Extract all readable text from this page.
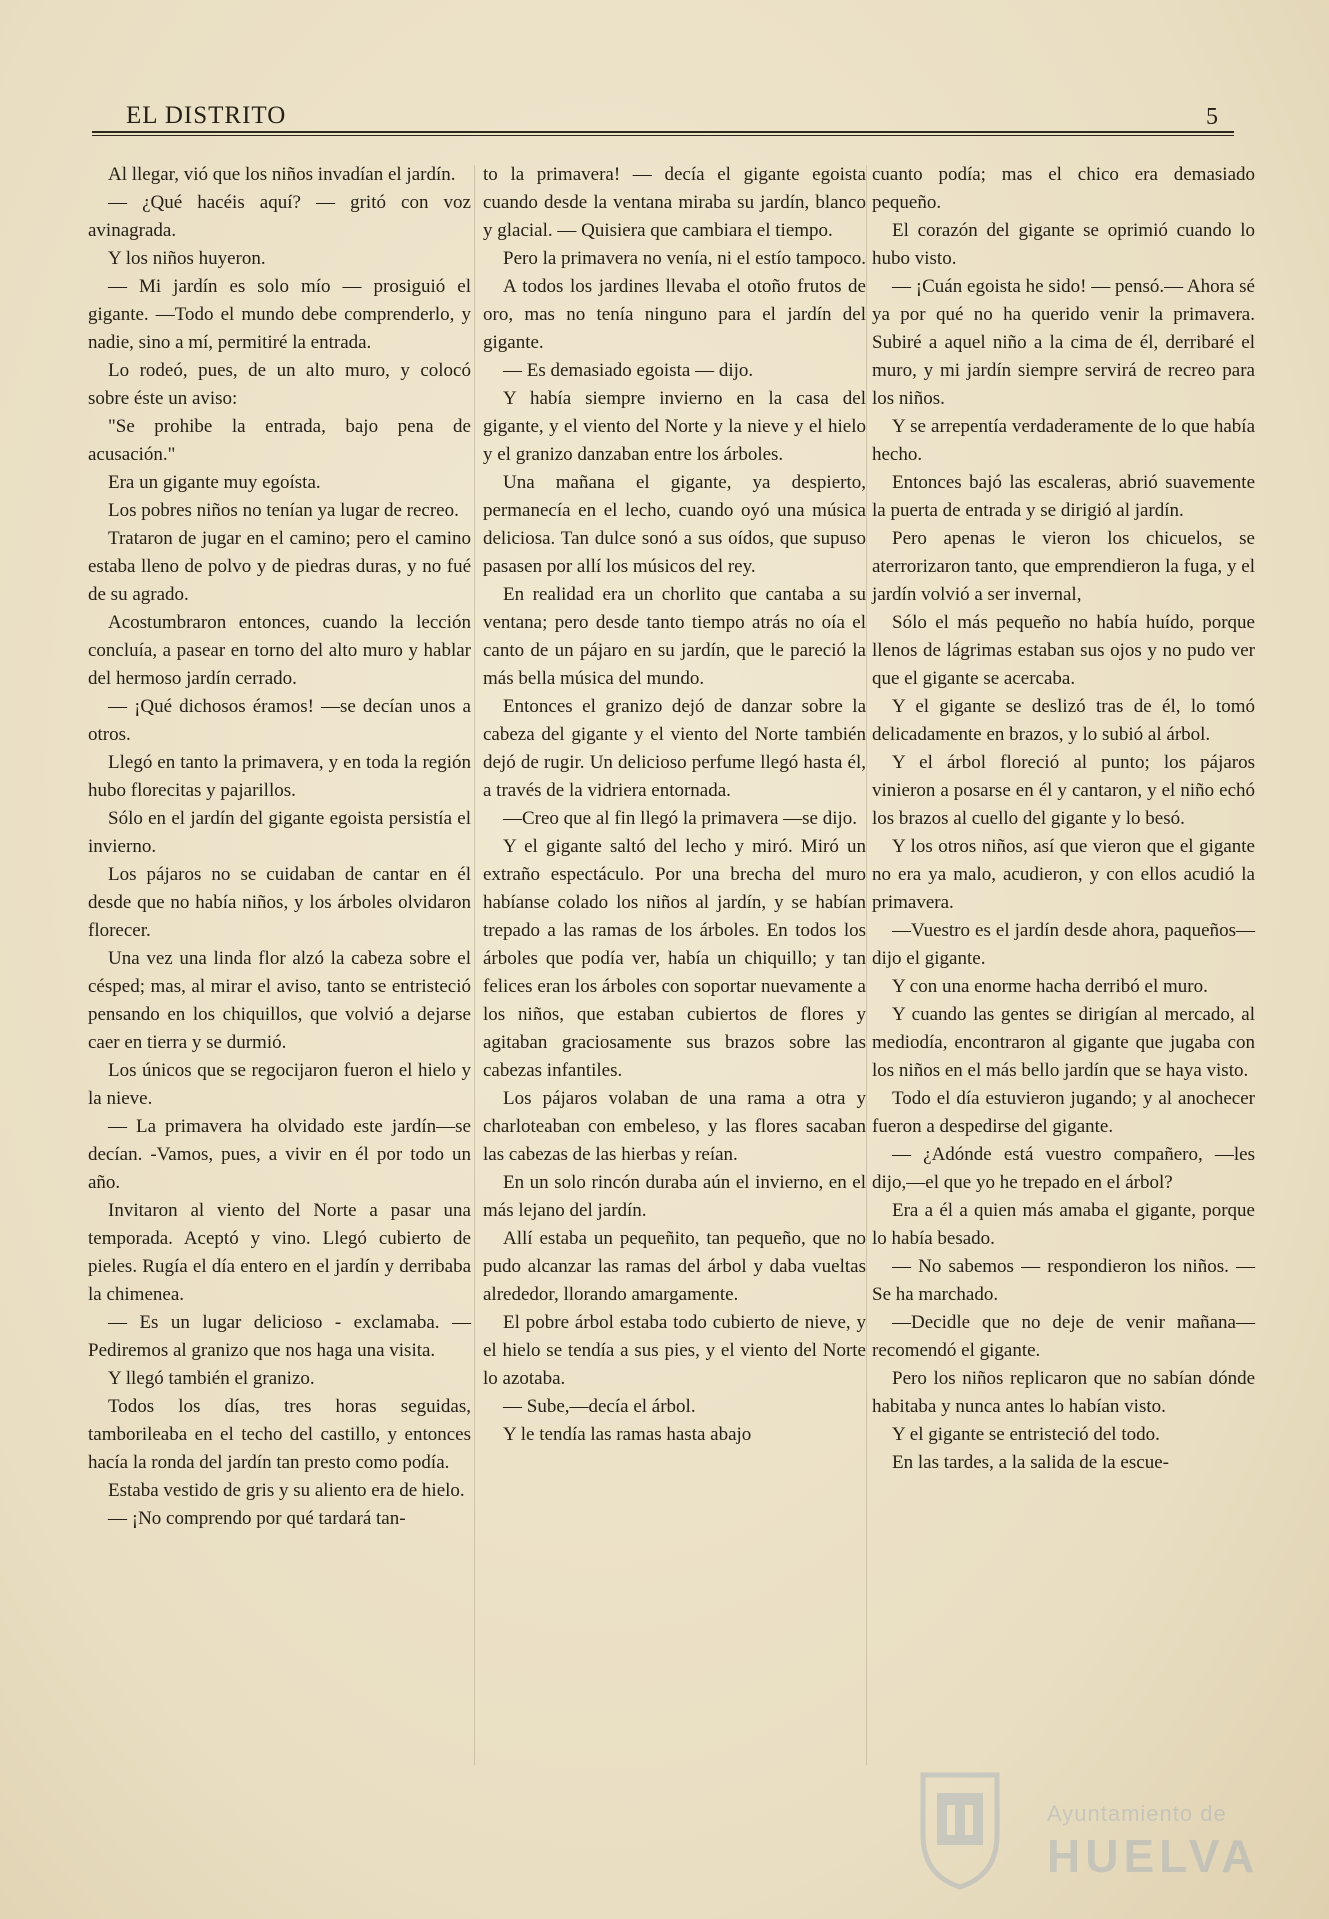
EL DISTRITO	5

Al llegar, vió que los niños invadían el jardín.

— ¿Qué hacéis aquí? — gritó con voz avinagrada.

Y los niños huyeron.

— Mi jardín es solo mío — prosiguió el gigante. —Todo el mundo debe comprenderlo, y nadie, sino a mí, permitiré la entrada.

Lo rodeó, pues, de un alto muro, y colocó sobre éste un aviso:

"Se prohibe la entrada, bajo pena de acusación."

Era un gigante muy egoísta.

Los pobres niños no tenían ya lugar de recreo.

Trataron de jugar en el camino; pero el camino estaba lleno de polvo y de piedras duras, y no fué de su agrado.

Acostumbraron entonces, cuando la lección concluía, a pasear en torno del alto muro y hablar del hermoso jardín cerrado.

— ¡Qué dichosos éramos! —se decían unos a otros.

Llegó en tanto la primavera, y en toda la región hubo florecitas y pajarillos.

Sólo en el jardín del gigante egoista persistía el invierno.

Los pájaros no se cuidaban de cantar en él desde que no había niños, y los árboles olvidaron florecer.

Una vez una linda flor alzó la cabeza sobre el césped; mas, al mirar el aviso, tanto se entristeció pensando en los chiquillos, que volvió a dejarse caer en tierra y se durmió.

Los únicos que se regocijaron fueron el hielo y la nieve.

— La primavera ha olvidado este jardín—se decían. -Vamos, pues, a vivir en él por todo un año.

Invitaron al viento del Norte a pasar una temporada. Aceptó y vino. Llegó cubierto de pieles. Rugía el día entero en el jardín y derribaba la chimenea.

— Es un lugar delicioso - exclamaba. — Pediremos al granizo que nos haga una visita.

Y llegó también el granizo.

Todos los días, tres horas seguidas, tamborileaba en el techo del castillo, y entonces hacía la ronda del jardín tan presto como podía.

Estaba vestido de gris y su aliento era de hielo.

— ¡No comprendo por qué tardará tan-

to la primavera! — decía el gigante egoista cuando desde la ventana miraba su jardín, blanco y glacial. — Quisiera que cambiara el tiempo.

Pero la primavera no venía, ni el estío tampoco.

A todos los jardines llevaba el otoño frutos de oro, mas no tenía ninguno para el jardín del gigante.

— Es demasiado egoista — dijo.

Y había siempre invierno en la casa del gigante, y el viento del Norte y la nieve y el hielo y el granizo danzaban entre los árboles.

Una mañana el gigante, ya despierto, permanecía en el lecho, cuando oyó una música deliciosa. Tan dulce sonó a sus oídos, que supuso pasasen por allí los músicos del rey.

En realidad era un chorlito que cantaba a su ventana; pero desde tanto tiempo atrás no oía el canto de un pájaro en su jardín, que le pareció la más bella música del mundo.

Entonces el granizo dejó de danzar sobre la cabeza del gigante y el viento del Norte también dejó de rugir. Un delicioso perfume llegó hasta él, a través de la vidriera entornada.

—Creo que al fin llegó la primavera —se dijo.

Y el gigante saltó del lecho y miró. Miró un extraño espectáculo. Por una brecha del muro habíanse colado los niños al jardín, y se habían trepado a las ramas de los árboles. En todos los árboles que podía ver, había un chiquillo; y tan felices eran los árboles con soportar nuevamente a los niños, que estaban cubiertos de flores y agitaban graciosamente sus brazos sobre las cabezas infantiles.

Los pájaros volaban de una rama a otra y charloteaban con embeleso, y las flores sacaban las cabezas de las hierbas y reían.

En un solo rincón duraba aún el invierno, en el más lejano del jardín.

Allí estaba un pequeñito, tan pequeño, que no pudo alcanzar las ramas del árbol y daba vueltas alrededor, llorando amargamente.

El pobre árbol estaba todo cubierto de nieve, y el hielo se tendía a sus pies, y el viento del Norte lo azotaba.

— Sube,—decía el árbol.

Y le tendía las ramas hasta abajo

cuanto podía; mas el chico era demasiado pequeño.

El corazón del gigante se oprimió cuando lo hubo visto.

— ¡Cuán egoista he sido! — pensó.— Ahora sé ya por qué no ha querido venir la primavera. Subiré a aquel niño a la cima de él, derribaré el muro, y mi jardín siempre servirá de recreo para los niños.

Y se arrepentía verdaderamente de lo que había hecho.

Entonces bajó las escaleras, abrió suavemente la puerta de entrada y se dirigió al jardín.

Pero apenas le vieron los chicuelos, se aterrorizaron tanto, que emprendieron la fuga, y el jardín volvió a ser invernal,

Sólo el más pequeño no había huído, porque llenos de lágrimas estaban sus ojos y no pudo ver que el gigante se acercaba.

Y el gigante se deslizó tras de él, lo tomó delicadamente en brazos, y lo subió al árbol.

Y el árbol floreció al punto; los pájaros vinieron a posarse en él y cantaron, y el niño echó los brazos al cuello del gigante y lo besó.

Y los otros niños, así que vieron que el gigante no era ya malo, acudieron, y con ellos acudió la primavera.

—Vuestro es el jardín desde ahora, paqueños—dijo el gigante.

Y con una enorme hacha derribó el muro.

Y cuando las gentes se dirigían al mercado, al mediodía, encontraron al gigante que jugaba con los niños en el más bello jardín que se haya visto.

Todo el día estuvieron jugando; y al anochecer fueron a despedirse del gigante.

— ¿Adónde está vuestro compañero, —les dijo,—el que yo he trepado en el árbol?

Era a él a quien más amaba el gigante, porque lo había besado.

— No sabemos — respondieron los niños. — Se ha marchado.

—Decidle que no deje de venir mañana—recomendó el gigante.

Pero los niños replicaron que no sabían dónde habitaba y nunca antes lo habían visto.

Y el gigante se entristeció del todo.

En las tardes, a la salida de la escue-

Ayuntamiento de
HUELVA
